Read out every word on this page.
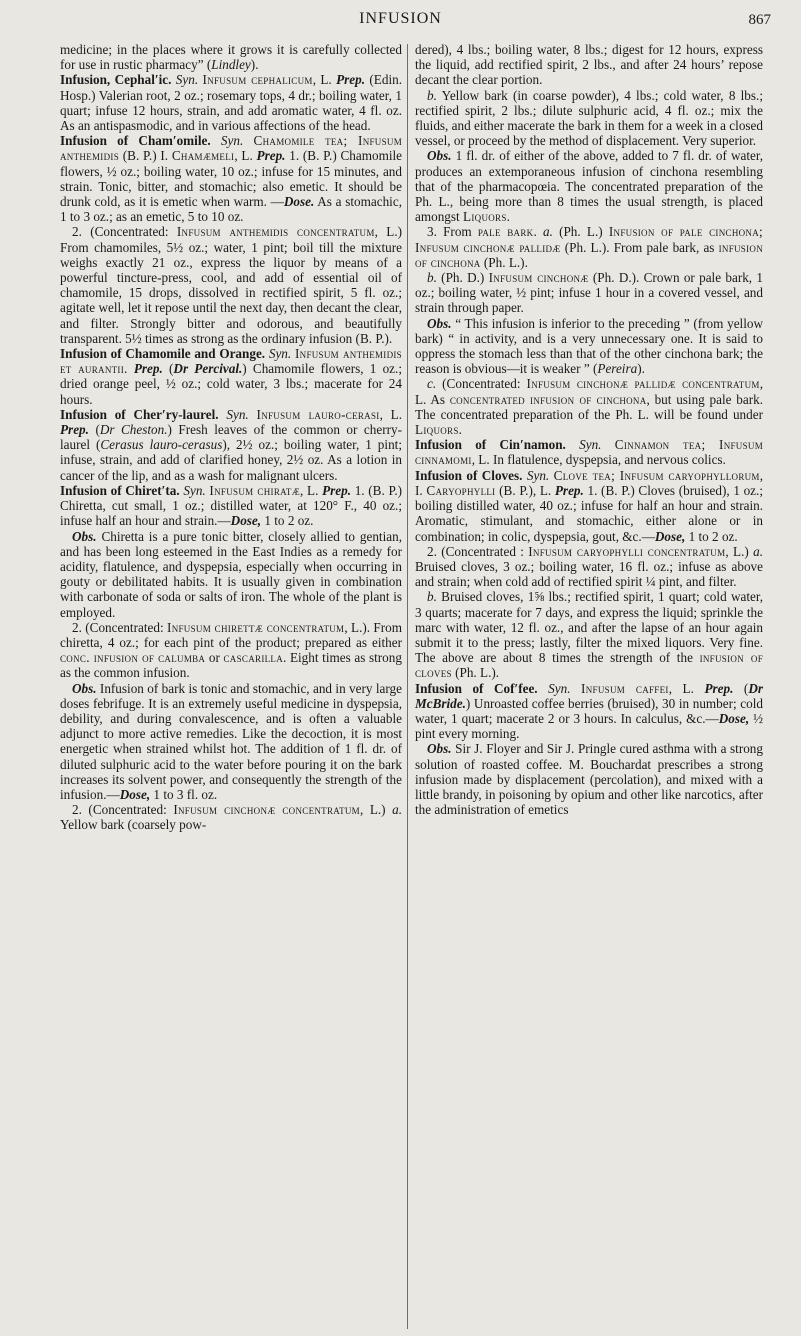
INFUSION	867

medicine; in the places where it grows it is carefully collected for use in rustic pharmacy” (Lindley).

Infusion, Cephal′ic. Syn. Infusum cephalicum, L. Prep. (Edin. Hosp.) Valerian root, 2 oz.; rosemary tops, 4 dr.; boiling water, 1 quart; infuse 12 hours, strain, and add aromatic water, 4 fl. oz. As an antispasmodic, and in various affections of the head.

Infusion of Cham′omile. Syn. Chamomile tea; Infusum anthemidis (B. P.) I. Chamæmeli, L. Prep. 1. (B. P.) Chamomile flowers, ½ oz.; boiling water, 10 oz.; infuse for 15 minutes, and strain. Tonic, bitter, and stomachic; also emetic. It should be drunk cold, as it is emetic when warm. —Dose. As a stomachic, 1 to 3 oz.; as an emetic, 5 to 10 oz.

2. (Concentrated: Infusum anthemidis concentratum, L.) From chamomiles, 5½ oz.; water, 1 pint; boil till the mixture weighs exactly 21 oz., express the liquor by means of a powerful tincture-press, cool, and add of essential oil of chamomile, 15 drops, dissolved in rectified spirit, 5 fl. oz.; agitate well, let it repose until the next day, then decant the clear, and filter. Strongly bitter and odorous, and beautifully transparent. 5½ times as strong as the ordinary infusion (B. P.).

Infusion of Chamomile and Orange. Syn. Infusum anthemidis et aurantii. Prep. (Dr Percival.) Chamomile flowers, 1 oz.; dried orange peel, ½ oz.; cold water, 3 lbs.; macerate for 24 hours.

Infusion of Cher′ry-laurel. Syn. Infusum lauro-cerasi, L. Prep. (Dr Cheston.) Fresh leaves of the common or cherry-laurel (Cerasus lauro-cerasus), 2½ oz.; boiling water, 1 pint; infuse, strain, and add of clarified honey, 2½ oz. As a lotion in cancer of the lip, and as a wash for malignant ulcers.

Infusion of Chiret′ta. Syn. Infusum chiratæ, L. Prep. 1. (B. P.) Chiretta, cut small, 1 oz.; distilled water, at 120° F., 40 oz.; infuse half an hour and strain.—Dose, 1 to 2 oz.

Obs. Chiretta is a pure tonic bitter, closely allied to gentian, and has been long esteemed in the East Indies as a remedy for acidity, flatulence, and dyspepsia, especially when occurring in gouty or debilitated habits. It is usually given in combination with carbonate of soda or salts of iron. The whole of the plant is employed.

2. (Concentrated: Infusum chirettæ concentratum, L.). From chiretta, 4 oz.; for each pint of the product; prepared as either conc. infusion of calumba or cascarilla. Eight times as strong as the common infusion.

Obs. Infusion of bark is tonic and stomachic, and in very large doses febrifuge. It is an extremely useful medicine in dyspepsia, debility, and during convalescence, and is often a valuable adjunct to more active remedies. Like the decoction, it is most energetic when strained whilst hot. The addition of 1 fl. dr. of diluted sulphuric acid to the water before pouring it on the bark increases its solvent power, and consequently the strength of the infusion.—Dose, 1 to 3 fl. oz.

2. (Concentrated: Infusum cinchonæ concentratum, L.) a. Yellow bark (coarsely pow-

dered), 4 lbs.; boiling water, 8 lbs.; digest for 12 hours, express the liquid, add rectified spirit, 2 lbs., and after 24 hours’ repose decant the clear portion.

b. Yellow bark (in coarse powder), 4 lbs.; cold water, 8 lbs.; rectified spirit, 2 lbs.; dilute sulphuric acid, 4 fl. oz.; mix the fluids, and either macerate the bark in them for a week in a closed vessel, or proceed by the method of displacement. Very superior.

Obs. 1 fl. dr. of either of the above, added to 7 fl. dr. of water, produces an extemporaneous infusion of cinchona resembling that of the pharmacopœia. The concentrated preparation of the Ph. L., being more than 8 times the usual strength, is placed amongst Liquors.

3. From pale bark. a. (Ph. L.) Infusion of pale cinchona; Infusum cinchonæ pallidæ (Ph. L.). From pale bark, as infusion of cinchona (Ph. L.).

b. (Ph. D.) Infusum cinchonæ (Ph. D.). Crown or pale bark, 1 oz.; boiling water, ½ pint; infuse 1 hour in a covered vessel, and strain through paper.

Obs. “ This infusion is inferior to the preceding ” (from yellow bark) “ in activity, and is a very unnecessary one. It is said to oppress the stomach less than that of the other cinchona bark; the reason is obvious—it is weaker ” (Pereira).

c. (Concentrated: Infusum cinchonæ pallidæ concentratum, L. As concentrated infusion of cinchona, but using pale bark. The concentrated preparation of the Ph. L. will be found under Liquors.

Infusion of Cin′namon. Syn. Cinnamon tea; Infusum cinnamomi, L. In flatulence, dyspepsia, and nervous colics.

Infusion of Cloves. Syn. Clove tea; Infusum caryophyllorum, I. Caryophylli (B. P.), L. Prep. 1. (B. P.) Cloves (bruised), 1 oz.; boiling distilled water, 40 oz.; infuse for half an hour and strain. Aromatic, stimulant, and stomachic, either alone or in combination; in colic, dyspepsia, gout, &c.—Dose, 1 to 2 oz.

2. (Concentrated : Infusum caryophylli concentratum, L.) a. Bruised cloves, 3 oz.; boiling water, 16 fl. oz.; infuse as above and strain; when cold add of rectified spirit ¼ pint, and filter.

b. Bruised cloves, 1⅝ lbs.; rectified spirit, 1 quart; cold water, 3 quarts; macerate for 7 days, and express the liquid; sprinkle the marc with water, 12 fl. oz., and after the lapse of an hour again submit it to the press; lastly, filter the mixed liquors. Very fine. The above are about 8 times the strength of the infusion of cloves (Ph. L.).

Infusion of Cof′fee. Syn. Infusum caffei, L. Prep. (Dr McBride.) Unroasted coffee berries (bruised), 30 in number; cold water, 1 quart; macerate 2 or 3 hours. In calculus, &c.—Dose, ½ pint every morning.

Obs. Sir J. Floyer and Sir J. Pringle cured asthma with a strong solution of roasted coffee. M. Bouchardat prescribes a strong infusion made by displacement (percolation), and mixed with a little brandy, in poisoning by opium and other like narcotics, after the administration of emetics
